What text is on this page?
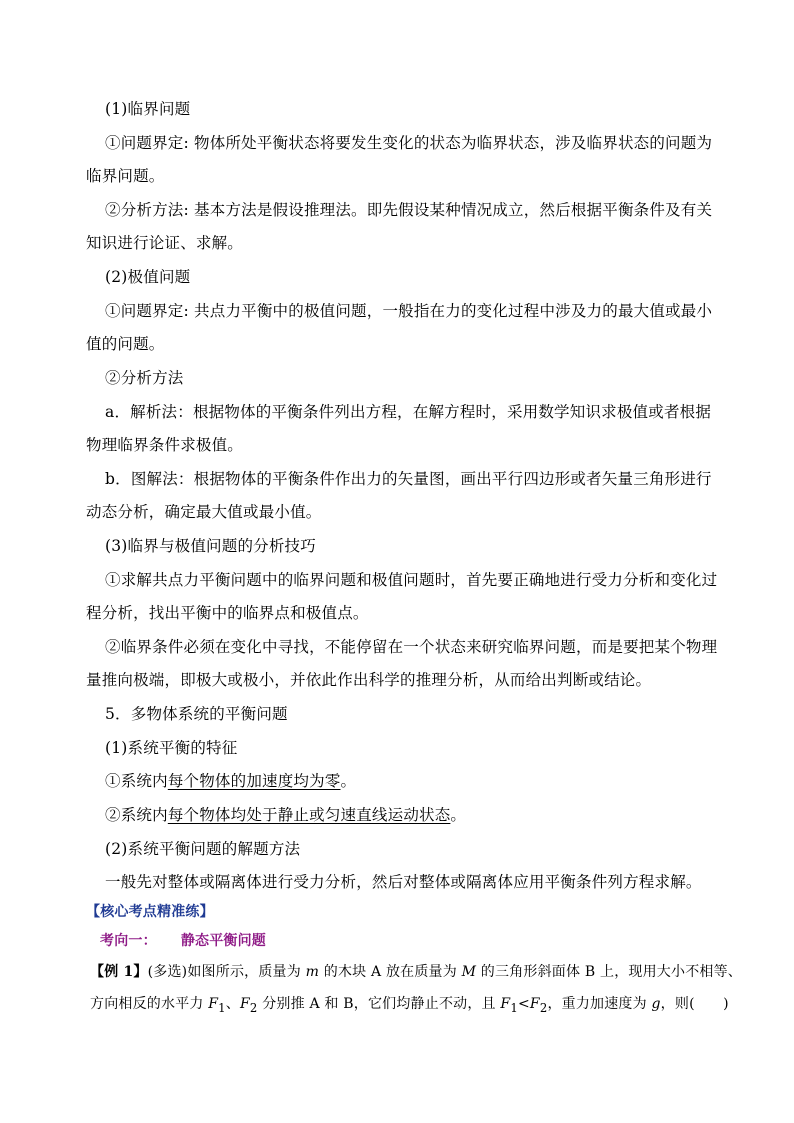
(1)临界问题
①问题界定: 物体所处平衡状态将要发生变化的状态为临界状态，涉及临界状态的问题为
临界问题。
②分析方法: 基本方法是假设推理法。即先假设某种情况成立，然后根据平衡条件及有关
知识进行论证、求解。
(2)极值问题
①问题界定: 共点力平衡中的极值问题，一般指在力的变化过程中涉及力的最大值或最小
值的问题。
②分析方法
a．解析法：根据物体的平衡条件列出方程，在解方程时，采用数学知识求极值或者根据
物理临界条件求极值。
b．图解法：根据物体的平衡条件作出力的矢量图，画出平行四边形或者矢量三角形进行
动态分析，确定最大值或最小值。
(3)临界与极值问题的分析技巧
①求解共点力平衡问题中的临界问题和极值问题时，首先要正确地进行受力分析和变化过
程分析，找出平衡中的临界点和极值点。
②临界条件必须在变化中寻找，不能停留在一个状态来研究临界问题，而是要把某个物理
量推向极端，即极大或极小，并依此作出科学的推理分析，从而给出判断或结论。
5．多物体系统的平衡问题
(1)系统平衡的特征
①系统内每个物体的加速度均为零。
②系统内每个物体均处于静止或匀速直线运动状态。
(2)系统平衡问题的解题方法
一般先对整体或隔离体进行受力分析，然后对整体或隔离体应用平衡条件列方程求解。
【核心考点精准练】
考向一： 静态平衡问题
【例 1】(多选)如图所示，质量为 m 的木块 A 放在质量为 M 的三角形斜面体 B 上，现用大小不相等、
方向相反的水平力 $F_1$、$F_2$ 分别推 A 和 B，它们均静止不动，且 $F_1<F_2$，重力加速度为 g，则(　　)
